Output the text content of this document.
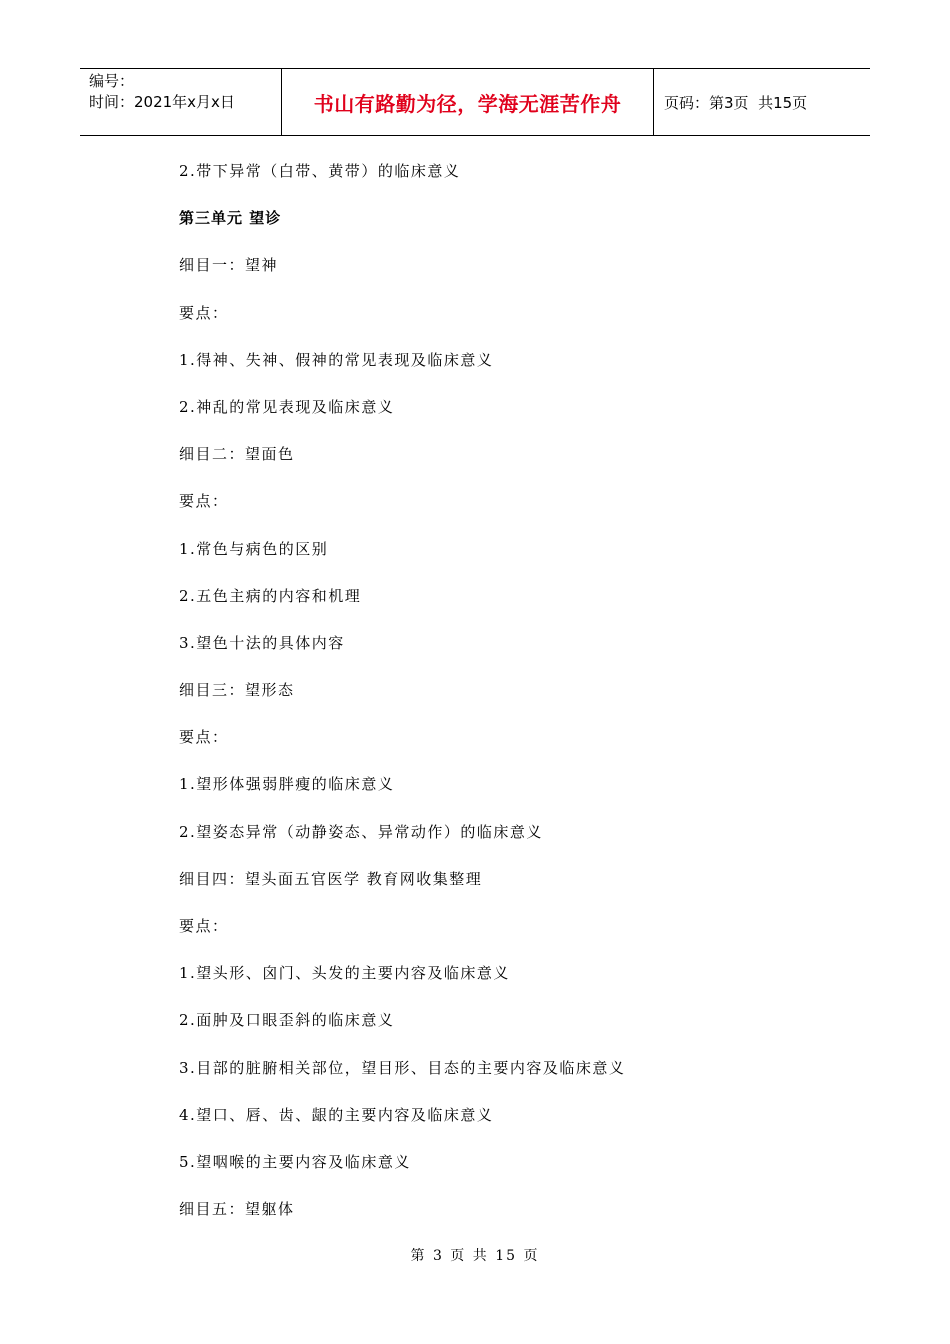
编号：
时间：2021年x月x日	书山有路勤为径，学海无涯苦作舟	页码：第3页  共15页
2.带下异常（白带、黄带）的临床意义
第三单元 望诊
细目一：望神
要点：
1.得神、失神、假神的常见表现及临床意义
2.神乱的常见表现及临床意义
细目二：望面色
要点：
1.常色与病色的区别
2.五色主病的内容和机理
3.望色十法的具体内容
细目三：望形态
要点：
1.望形体强弱胖瘦的临床意义
2.望姿态异常（动静姿态、异常动作）的临床意义
细目四：望头面五官医学 教育网收集整理
要点：
1.望头形、囟门、头发的主要内容及临床意义
2.面肿及口眼歪斜的临床意义
3.目部的脏腑相关部位，望目形、目态的主要内容及临床意义
4.望口、唇、齿、龈的主要内容及临床意义
5.望咽喉的主要内容及临床意义
细目五：望躯体
第 3 页 共 15 页
